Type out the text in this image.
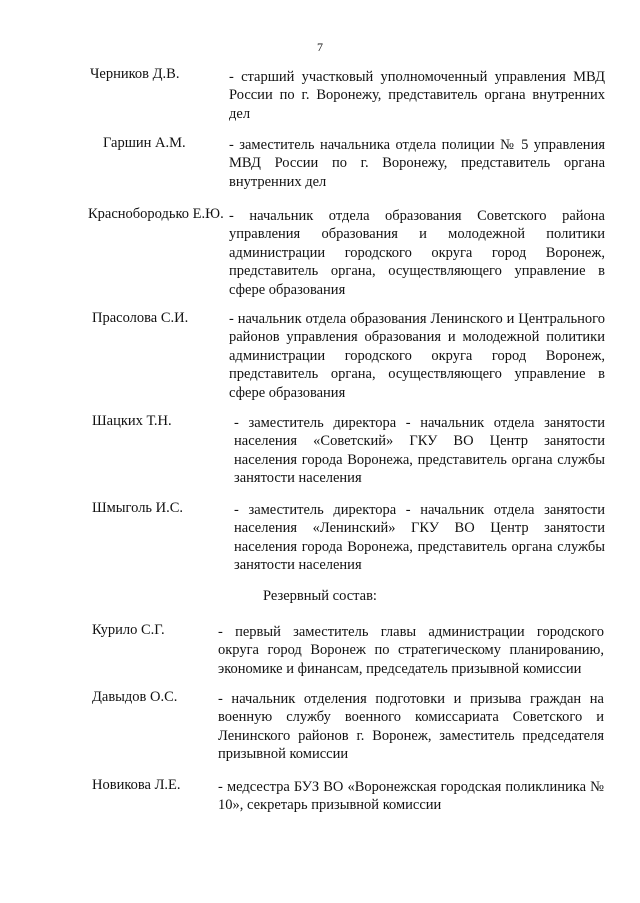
7
Черников Д.В.	- старший участковый уполномоченный управления МВД России по г. Воронежу, представитель органа внутренних дел
Гаршин А.М.	- заместитель начальника отдела полиции № 5 управления МВД России по г. Воронежу, представитель органа внутренних дел
Краснобородько Е.Ю. - начальник отдела образования Советского района управления образования и молодежной политики администрации городского округа город Воронеж, представитель органа, осуществляющего управление в сфере образования
Прасолова С.И.	- начальник отдела образования Ленинского и Центрального районов управления образования и молодежной политики администрации городского округа город Воронеж, представитель органа, осуществляющего управление в сфере образования
Шацких Т.Н.	- заместитель директора - начальник отдела занятости населения «Советский» ГКУ ВО Центр занятости населения города Воронежа, представитель органа службы занятости населения
Шмыголь И.С.	- заместитель директора - начальник отдела занятости населения «Ленинский» ГКУ ВО Центр занятости населения города Воронежа, представитель органа службы занятости населения
Резервный состав:
Курило С.Г.	- первый заместитель главы администрации городского округа город Воронеж по стратегическому планированию, экономике и финансам, председатель призывной комиссии
Давыдов О.С.	- начальник отделения подготовки и призыва граждан на военную службу военного комиссариата Советского и Ленинского районов г. Воронеж, заместитель председателя призывной комиссии
Новикова Л.Е.	- медсестра БУЗ ВО «Воронежская городская поликлиника № 10», секретарь призывной комиссии
